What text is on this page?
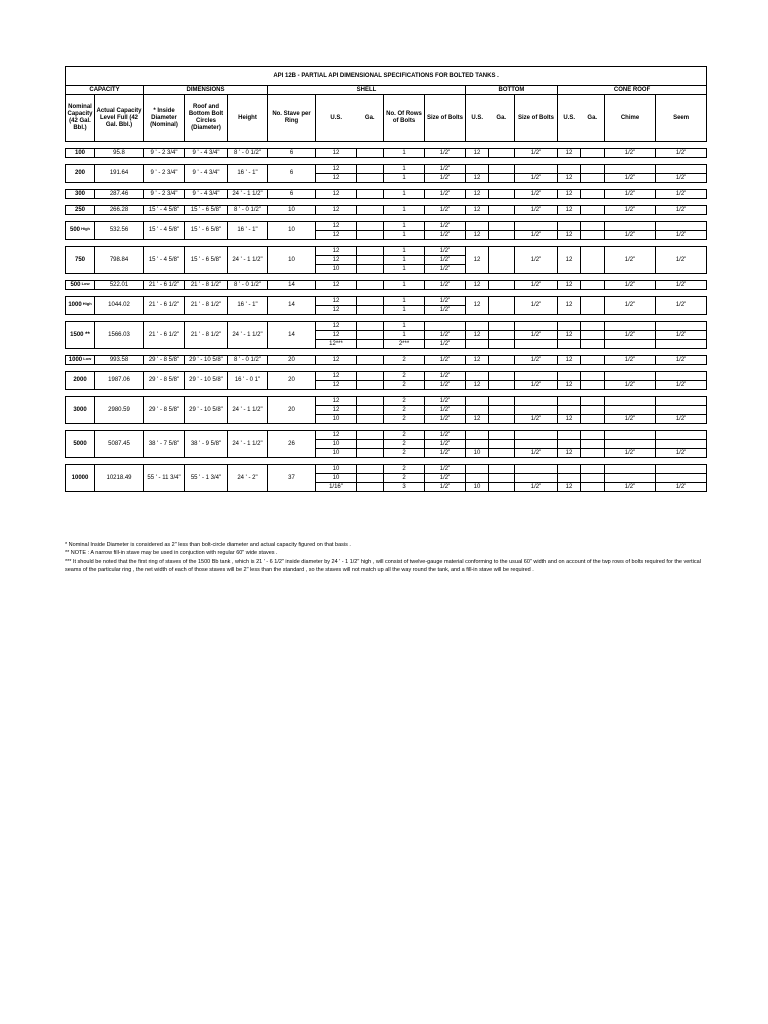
API 12B - PARTIAL API DIMENSIONAL SPECIFICATIONS FOR BOLTED TANKS .																
CAPACITY		DIMENSIONS			SHELL					BOTTOM			CONE ROOF			
Nominal Capacity (42 Gal. Bbl.)	Actual Capacity Level Full (42 Gal. Bbl.)	* Inside Diameter (Nominal)	Roof and Bottom Bolt Circles (Diameter)	Height	No. Stave per Ring	U.S.	Ga.	No. Of Rows of Bolts	Size of Bolts	U.S.	Ga.	Size of Bolts	U.S.	Ga.	Chime	Seem

100	95.8	9 ' - 2 3/4"	9 ' - 4 3/4"	8 ' - 0 1/2"	6	12		1	1/2"	12		1/2"	12		1/2"	1/2"

200	191.64	9 ' - 2 3/4"	9 ' - 4 3/4"	16 ' - 1"	6	12		1	1/2"							
						12		1	1/2"	12		1/2"	12		1/2"	1/2"

300	287.46	9 ' - 2 3/4"	9 ' - 4 3/4"	24 ' - 1 1/2"	6	12		1	1/2"	12		1/2"	12		1/2"	1/2"

250	266.28	15 ' - 4 5/8"	15 ' - 6 5/8"	8 ' - 0 1/2"	10	12		1	1/2"	12		1/2"	12		1/2"	1/2"

500 $^{High}$	532.56	15 ' - 4 5/8"	15 ' - 6 5/8"	16 ' - 1"	10	12		1	1/2"							
						12		1	1/2"	12		1/2"	12		1/2"	1/2"

750	798.84	15 ' - 4 5/8"	15 ' - 6 5/8"	24 ' - 1 1/2"	10	12		1	1/2"	12		1/2"	12		1/2"	1/2"
						12		1	1/2"							
						10		1	1/2"							

500 $^{Low}$	522.01	21 ' - 6 1/2"	21 ' - 8 1/2"	8 ' - 0 1/2"	14	12		1	1/2"	12		1/2"	12		1/2"	1/2"

1000 $^{High}$	1044.02	21 ' - 6 1/2"	21 ' - 8 1/2"	16 ' - 1"	14	12		1	1/2"	12		1/2"	12		1/2"	1/2"
						12		1	1/2"							

1500 **	1566.03	21 ' - 6 1/2"	21 ' - 8 1/2"	24 ' - 1 1/2"	14	12		1								
						12		1	1/2"	12		1/2"	12		1/2"	1/2"
						12***		2***	1/2"							

1000 $^{Low}$	993.58	29 ' - 8 5/8"	29 ' - 10 5/8"	8 ' - 0 1/2"	20	12		2	1/2"	12		1/2"	12		1/2"	1/2"

2000	1987.06	29 ' - 8 5/8"	29 ' - 10 5/8"	16 ' - 0 1"	20	12		2	1/2"							
						12		2	1/2"	12		1/2"	12		1/2"	1/2"

3000	2980.59	29 ' - 8 5/8"	29 ' - 10 5/8"	24 ' - 1 1/2"	20	12		2	1/2"							
						12		2	1/2"							
						10		2	1/2"	12		1/2"	12		1/2"	1/2"

5000	5087.45	38 ' - 7 5/8"	38 ' - 9 5/8"	24 ' - 1 1/2"	26	12		2	1/2"							
						10		2	1/2"							
						10		2	1/2"	10		1/2"	12		1/2"	1/2"

10000	10218.49	55 ' - 11 3/4"	55 ' - 1 3/4"	24 ' - 2"	37	10		2	1/2"							
						10		2	1/2"							
						1/16"		3	1/2"	10		1/2"	12		1/2"	1/2"
* Nominal Inside Diameter is considered as 2" less than bolt-circle diameter and actual capacity figured on that basis .
** NOTE : A narrow fill-in stave may be used in conjuction with regular 60" wide staves .
*** It should be noted that the first ring of staves of the 1500 Bb tank , which is 21 ' - 6 1/2" inside diameter by 24 ' - 1 1/2" high , will consist of twelve-gauge material conforming to the usual 60" width and on account of the twp rows of bolts required for the vertical seams of the particular ring , the net width of each of those staves will be 2" less than the standard , so the staves will not match up all the way round the tank, and a fill-in stave will be required .
